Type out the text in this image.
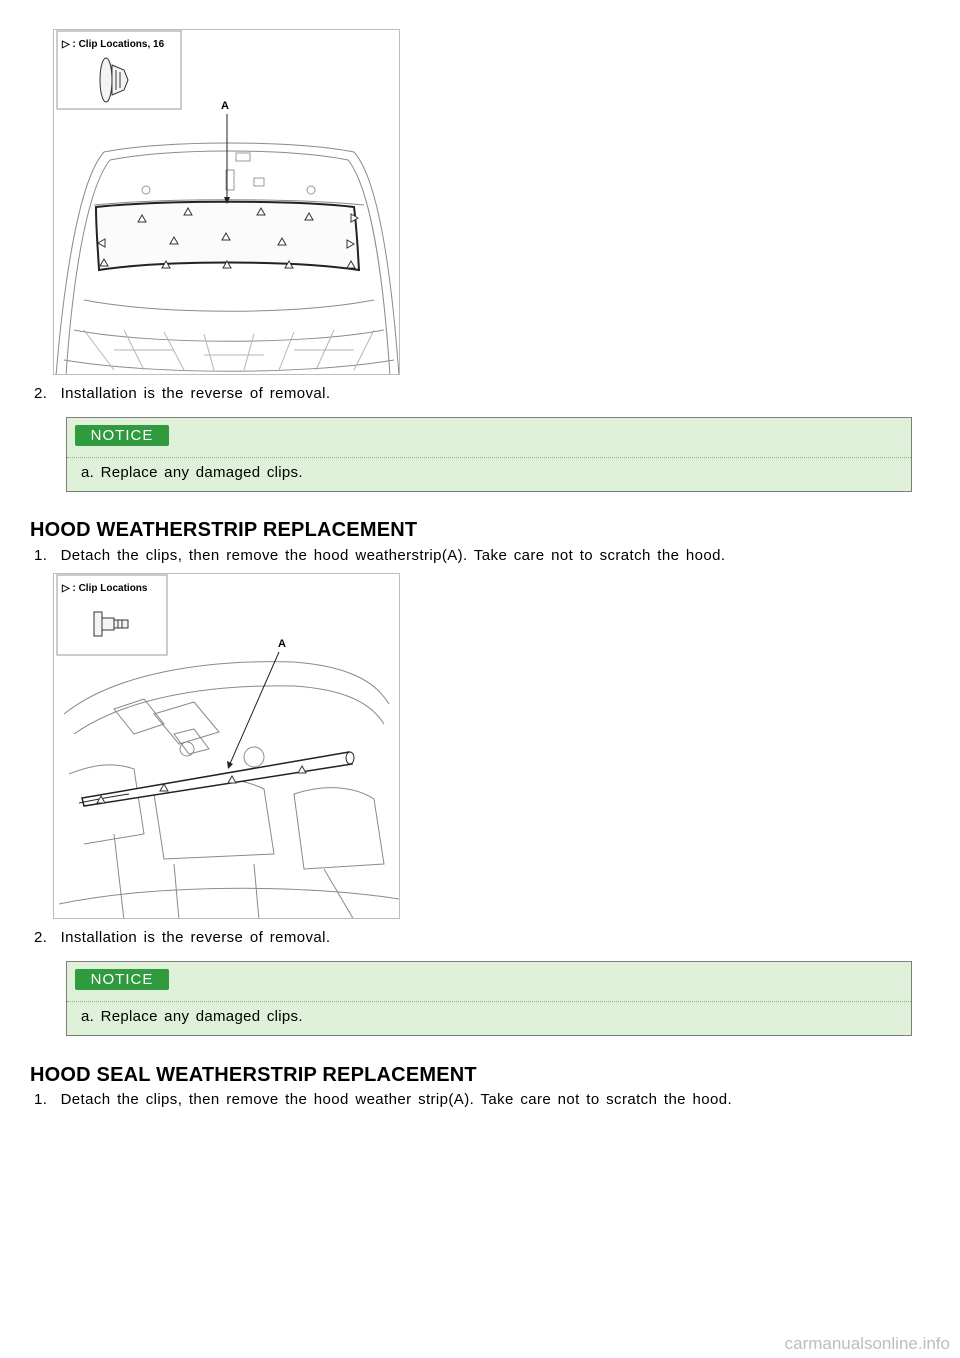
▷ : Clip Locations, 16
A
2. Installation is the reverse of removal.
NOTICE
a. Replace any damaged clips.
HOOD WEATHERSTRIP REPLACEMENT
1. Detach the clips, then remove the hood weatherstrip(A). Take care not to scratch the hood.
▷ : Clip Locations
A
2. Installation is the reverse of removal.
NOTICE
a. Replace any damaged clips.
HOOD SEAL WEATHERSTRIP REPLACEMENT
1. Detach the clips, then remove the hood weather strip(A). Take care not to scratch the hood.
carmanualsonline.info
